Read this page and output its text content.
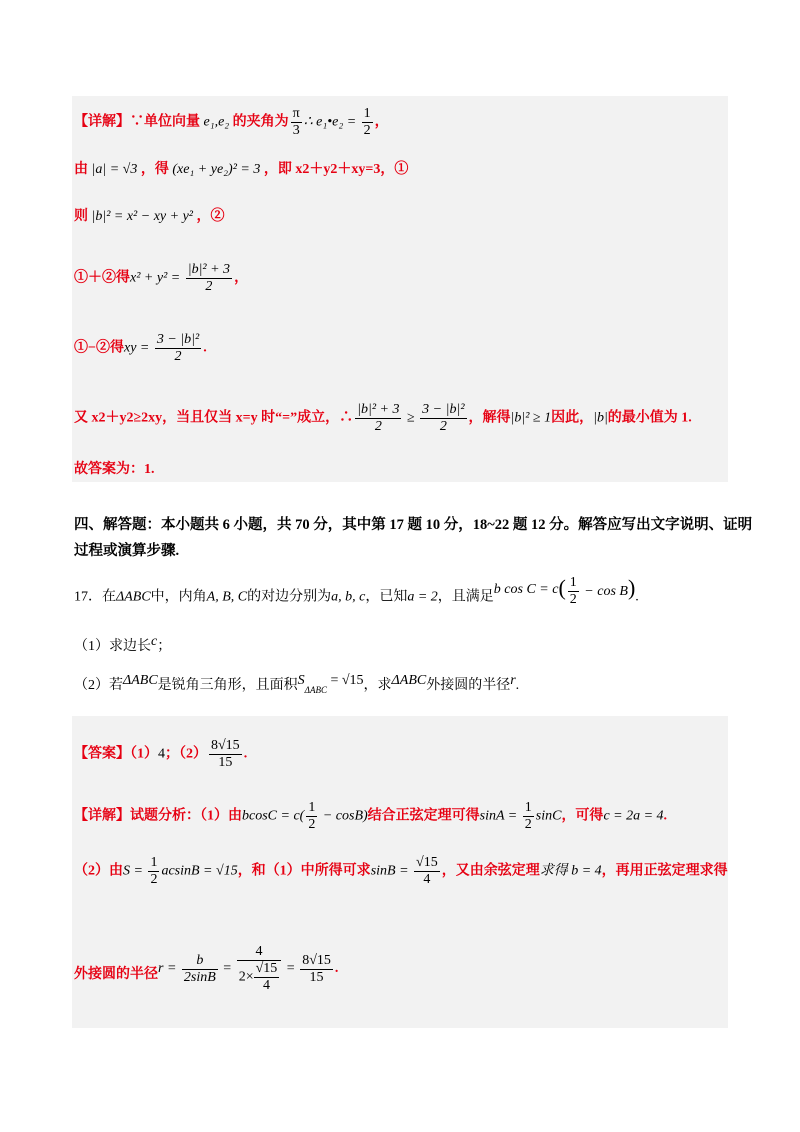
【详解】∵单位向量 e₁,e₂ 的夹角为 $\frac{\pi}{3}$ ∴ e₁•e₂ = $\frac{1}{2}$ ，
由 |a| = √3 ，得 (xe₁ + ye₂)² = 3 ，即 x2＋y2＋xy=3，①
则 |b|² = x² − xy + y² ，②
①＋②得$x^2 + y^2 = \frac{\text{|b|² + 3}}{2}$ ，
①−②得xy = $\frac{\text{3 − |b|²}}{2}$ .
又 x2＋y2≥2xy，当且仅当 x=y 时“=”成立，∴ $\frac{\text{|b|² + 3}}{2} \ge \frac{\text{3 − |b|²}}{2}$ ，解得|b|² ≥ 1因此，|b|的最小值为 1.
故答案为：1.
四、解答题：本小题共 6 小题，共 70 分，其中第 17 题 10 分，18~22 题 12 分。解答应写出文字说明、证明
过程或演算步骤.
17．在ΔABC中，内角A, B, C的对边分别为a, b, c，已知a = 2，且满足b $\cos C = c( \frac{1}{2} - \cos B)$.
（1）求边长c；
（2）若ΔABC是锐角三角形，且面积$S_{\Delta ABC} = √15$，求ΔABC外接圆的半径r.
【答案】（1）4；$(2) \frac{8√15}{15}$ .
【详解】试题分析：（1）由$bcosC = c( \frac{1}{2} - \cos B)$结合正弦定理可得$\sin A = \frac{1}{2}$ sinC，可得c = 2a = 4.
（2）由$S = \frac{1}{2}$ acsinB = √15，和（1）中所得可求$\sin B = \frac{√15}{4}$ ，又由余弦定理求得 b = 4，再用正弦定理求得
外接圆的半径 $r = \frac{b}{2\sin B} = \frac{4}{2\times \frac{√15}{4}} = \frac{8√15}{15}$ .
